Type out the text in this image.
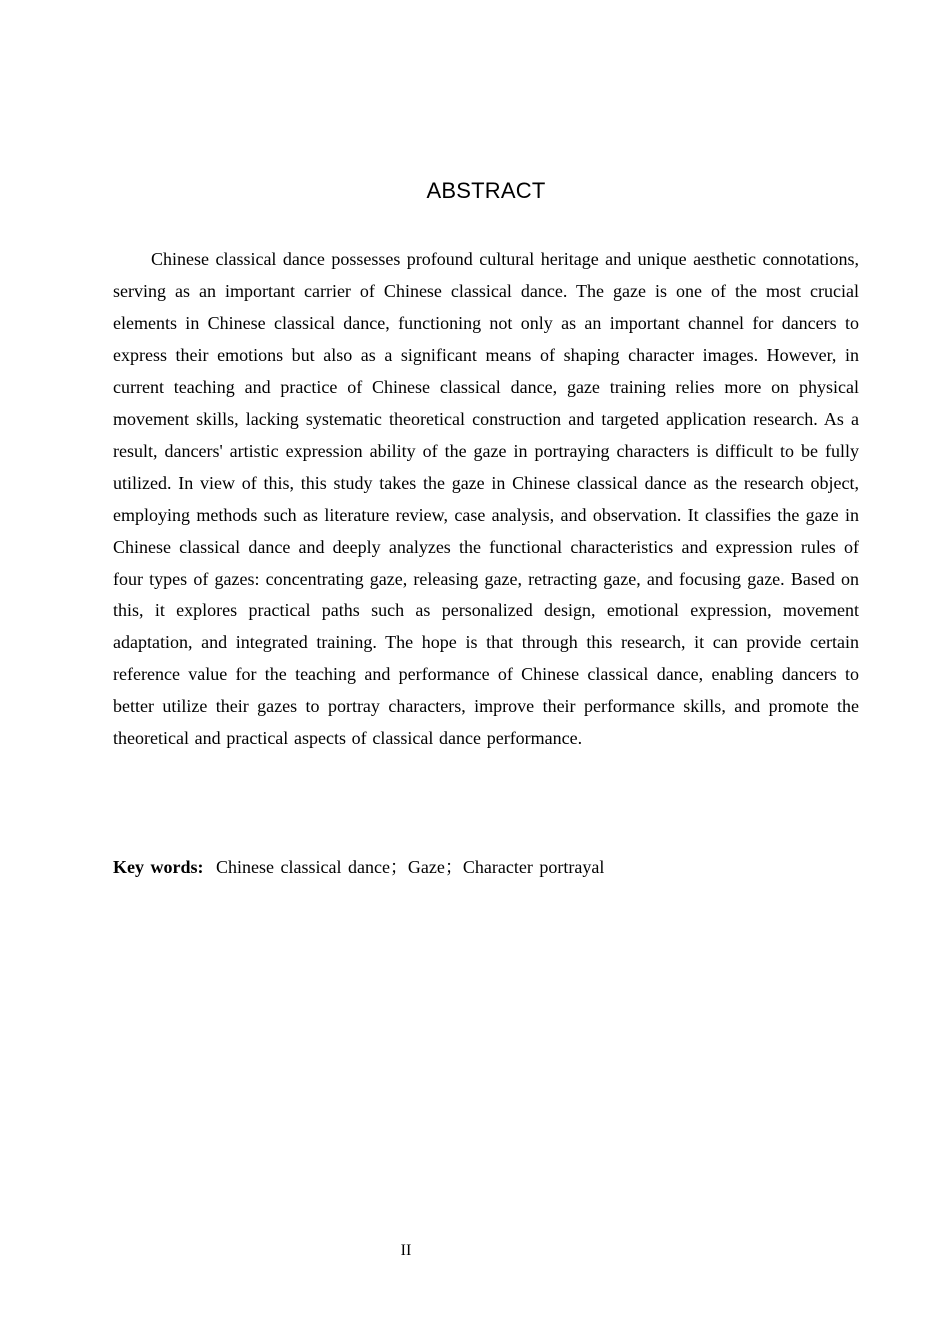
ABSTRACT

Chinese classical dance possesses profound cultural heritage and unique aesthetic connotations, serving as an important carrier of Chinese classical dance. The gaze is one of the most crucial elements in Chinese classical dance, functioning not only as an important channel for dancers to express their emotions but also as a significant means of shaping character images. However, in current teaching and practice of Chinese classical dance, gaze training relies more on physical movement skills, lacking systematic theoretical construction and targeted application research. As a result, dancers' artistic expression ability of the gaze in portraying characters is difficult to be fully utilized. In view of this, this study takes the gaze in Chinese classical dance as the research object, employing methods such as literature review, case analysis, and observation. It classifies the gaze in Chinese classical dance and deeply analyzes the functional characteristics and expression rules of four types of gazes: concentrating gaze, releasing gaze, retracting gaze, and focusing gaze. Based on this, it explores practical paths such as personalized design, emotional expression, movement adaptation, and integrated training. The hope is that through this research, it can provide certain reference value for the teaching and performance of Chinese classical dance, enabling dancers to better utilize their gazes to portray characters, improve their performance skills, and promote the theoretical and practical aspects of classical dance performance.

Key words: Chinese classical dance；Gaze；Character portrayal
II
